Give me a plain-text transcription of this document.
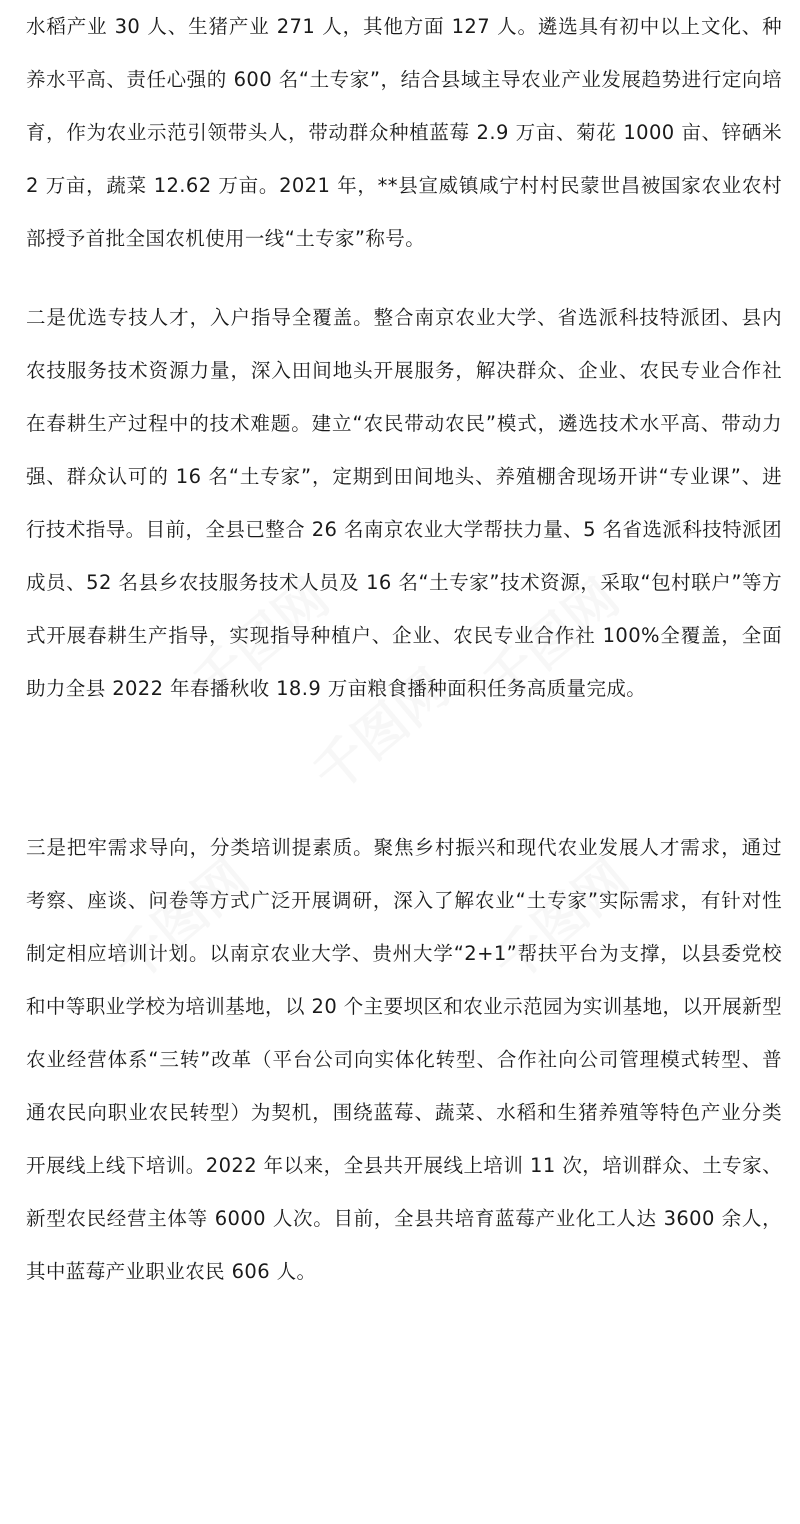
水稻产业 30 人、生猪产业 271 人，其他方面 127 人。遴选具有初中以上文化、种养水平高、责任心强的 600 名“土专家”，结合县域主导农业产业发展趋势进行定向培育，作为农业示范引领带头人，带动群众种植蓝莓 2.9 万亩、菊花 1000 亩、锌硒米 2 万亩，蔬菜 12.62 万亩。2021 年，**县宣威镇咸宁村村民蒙世昌被国家农业农村部授予首批全国农机使用一线“土专家”称号。

二是优选专技人才，入户指导全覆盖。整合南京农业大学、省选派科技特派团、县内农技服务技术资源力量，深入田间地头开展服务，解决群众、企业、农民专业合作社在春耕生产过程中的技术难题。建立“农民带动农民”模式，遴选技术水平高、带动力强、群众认可的 16 名“土专家”，定期到田间地头、养殖棚舍现场开讲“专业课”、进行技术指导。目前，全县已整合 26 名南京农业大学帮扶力量、5 名省选派科技特派团成员、52 名县乡农技服务技术人员及 16 名“土专家”技术资源，采取“包村联户”等方式开展春耕生产指导，实现指导种植户、企业、农民专业合作社 100%全覆盖，全面助力全县 2022 年春播秋收 18.9 万亩粮食播种面积任务高质量完成。

三是把牢需求导向，分类培训提素质。聚焦乡村振兴和现代农业发展人才需求，通过考察、座谈、问卷等方式广泛开展调研，深入了解农业“土专家”实际需求，有针对性制定相应培训计划。以南京农业大学、贵州大学“2+1”帮扶平台为支撑，以县委党校和中等职业学校为培训基地，以 20 个主要坝区和农业示范园为实训基地，以开展新型农业经营体系“三转”改革（平台公司向实体化转型、合作社向公司管理模式转型、普通农民向职业农民转型）为契机，围绕蓝莓、蔬菜、水稻和生猪养殖等特色产业分类开展线上线下培训。2022 年以来，全县共开展线上培训 11 次，培训群众、土专家、新型农民经营主体等 6000 人次。目前，全县共培育蓝莓产业化工人达 3600 余人，其中蓝莓产业职业农民 606 人。

千图网	千图网
千图网
千图网	千图网
